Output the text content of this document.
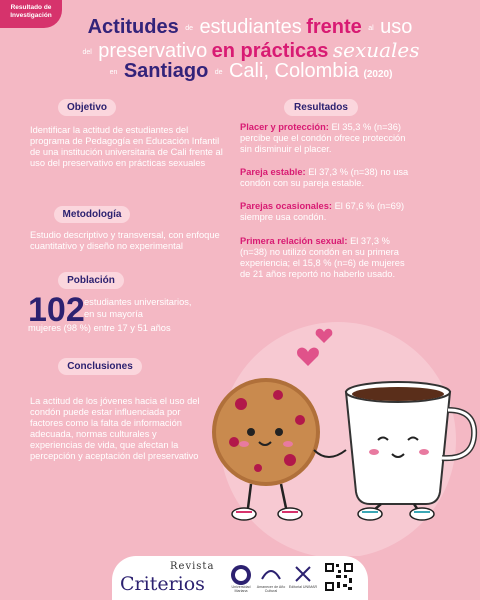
Resultado de
Investigación
Actitudes de estudiantes frente al uso
del preservativo en prácticas sexuales
en Santiago de Cali, Colombia (2020)
Objetivo
Identificar la actitud de estudiantes del programa de Pedagogía en Educación Infantil de una institución universitaria de Cali frente al uso del preservativo en prácticas sexuales
Metodología
Estudio descriptivo y transversal, con enfoque cuantitativo y diseño no experimental
Población
102 estudiantes universitarios,
en su mayoría
mujeres (98 %) entre 17 y 51 años
Conclusiones
La actitud de los jóvenes hacia el uso del condón puede estar influenciada por factores como la falta de información adecuada, normas culturales y experiencias de vida, que afectan la percepción y aceptación del preservativo
Resultados
Placer y protección: El 35,3 % (n=36) percibe que el condón ofrece protección sin disminuir el placer.
Pareja estable: El 37,3 % (n=38) no usa condón con su pareja estable.
Parejas ocasionales: El 67,6 % (n=69) siempre usa condón.
Primera relación sexual: El 37,3 % (n=38) no utilizó condón en su primera experiencia; el 15,8 % (n=6) de mujeres de 21 años reportó no haberlo usado.
Revista
Criterios	Universidad Mariana
Amanecer de Año Cultural
Editorial UNIMAR
